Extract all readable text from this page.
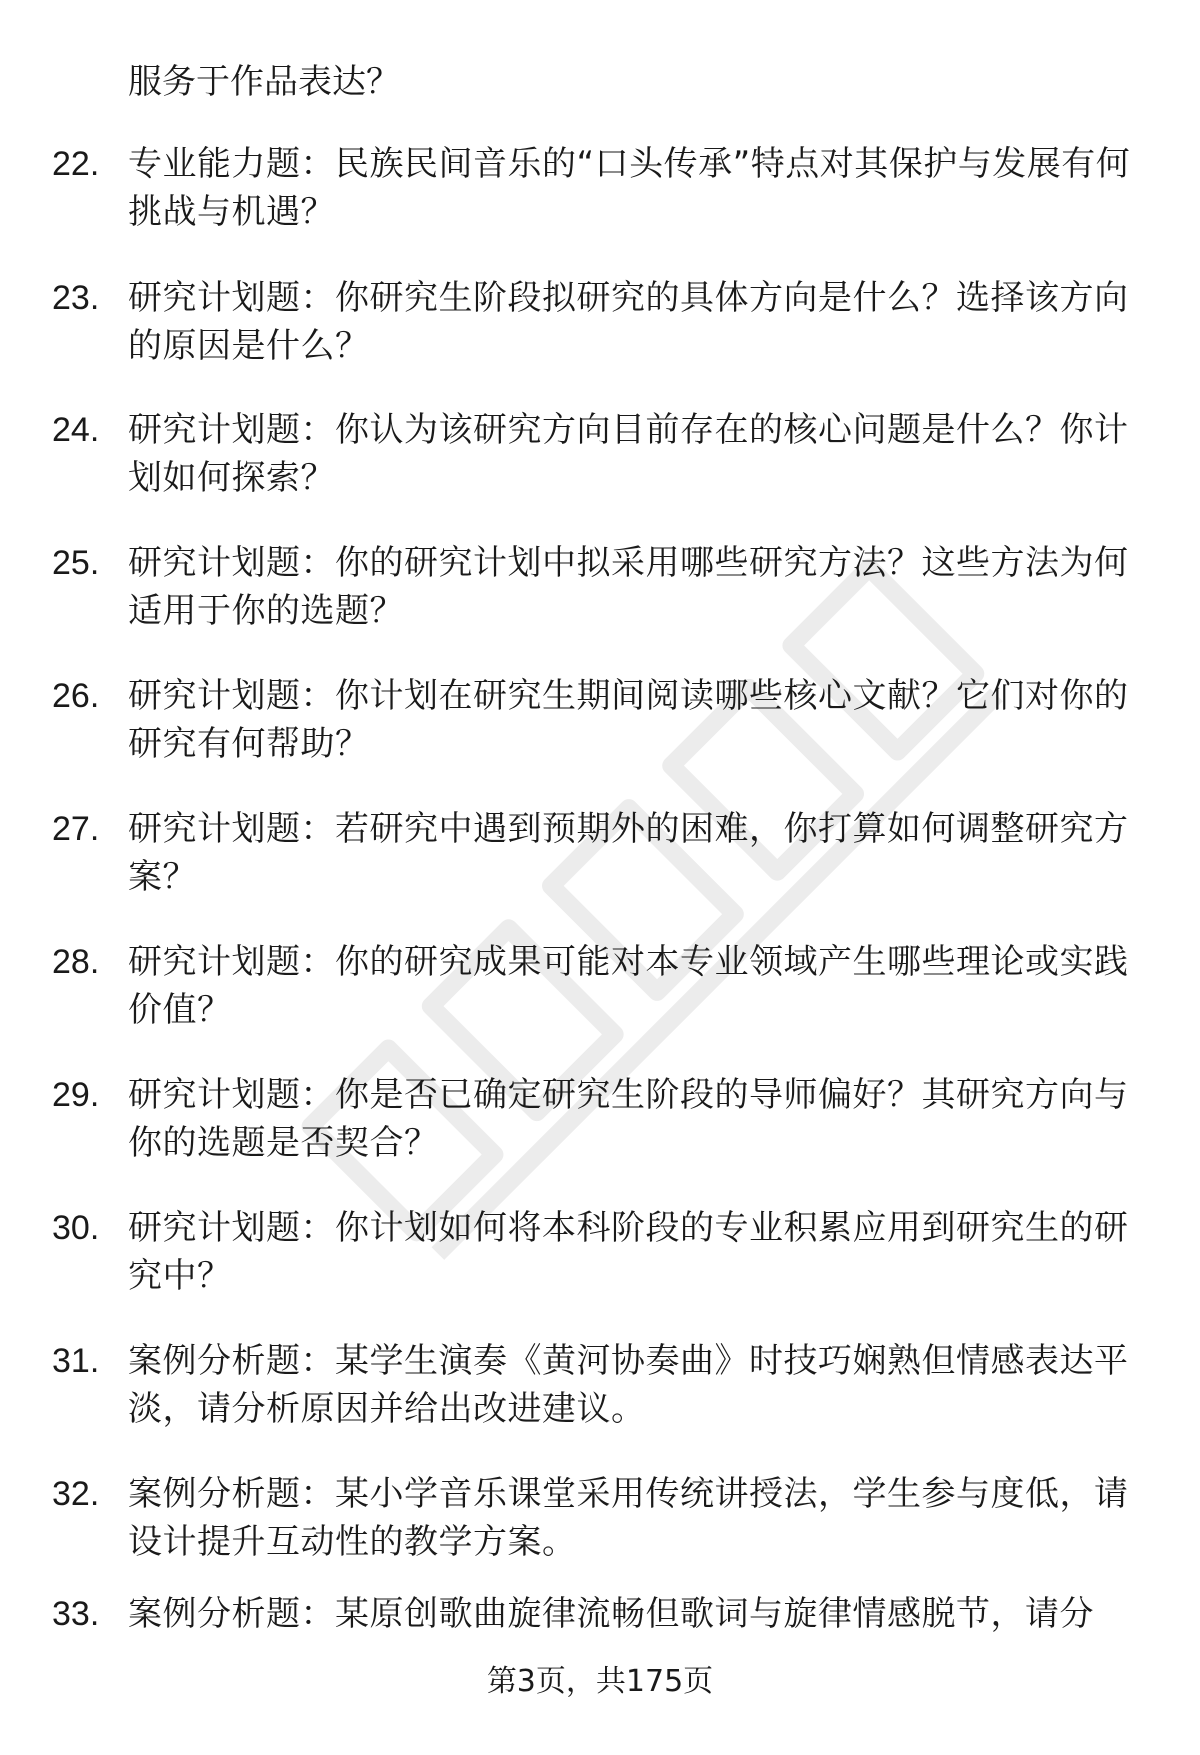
服务于作品表达？
22. 专业能力题：民族民间音乐的“口头传承”特点对其保护与发展有何挑战与机遇？
23. 研究计划题：你研究生阶段拟研究的具体方向是什么？选择该方向的原因是什么？
24. 研究计划题：你认为该研究方向目前存在的核心问题是什么？你计划如何探索？
25. 研究计划题：你的研究计划中拟采用哪些研究方法？这些方法为何适用于你的选题？
26. 研究计划题：你计划在研究生期间阅读哪些核心文献？它们对你的研究有何帮助？
27. 研究计划题：若研究中遇到预期外的困难，你打算如何调整研究方案？
28. 研究计划题：你的研究成果可能对本专业领域产生哪些理论或实践价值？
29. 研究计划题：你是否已确定研究生阶段的导师偏好？其研究方向与你的选题是否契合？
30. 研究计划题：你计划如何将本科阶段的专业积累应用到研究生的研究中？
31. 案例分析题：某学生演奏《黄河协奏曲》时技巧娴熟但情感表达平淡，请分析原因并给出改进建议。
32. 案例分析题：某小学音乐课堂采用传统讲授法，学生参与度低，请设计提升互动性的教学方案。
33. 案例分析题：某原创歌曲旋律流畅但歌词与旋律情感脱节，请分
第3页，共175页
